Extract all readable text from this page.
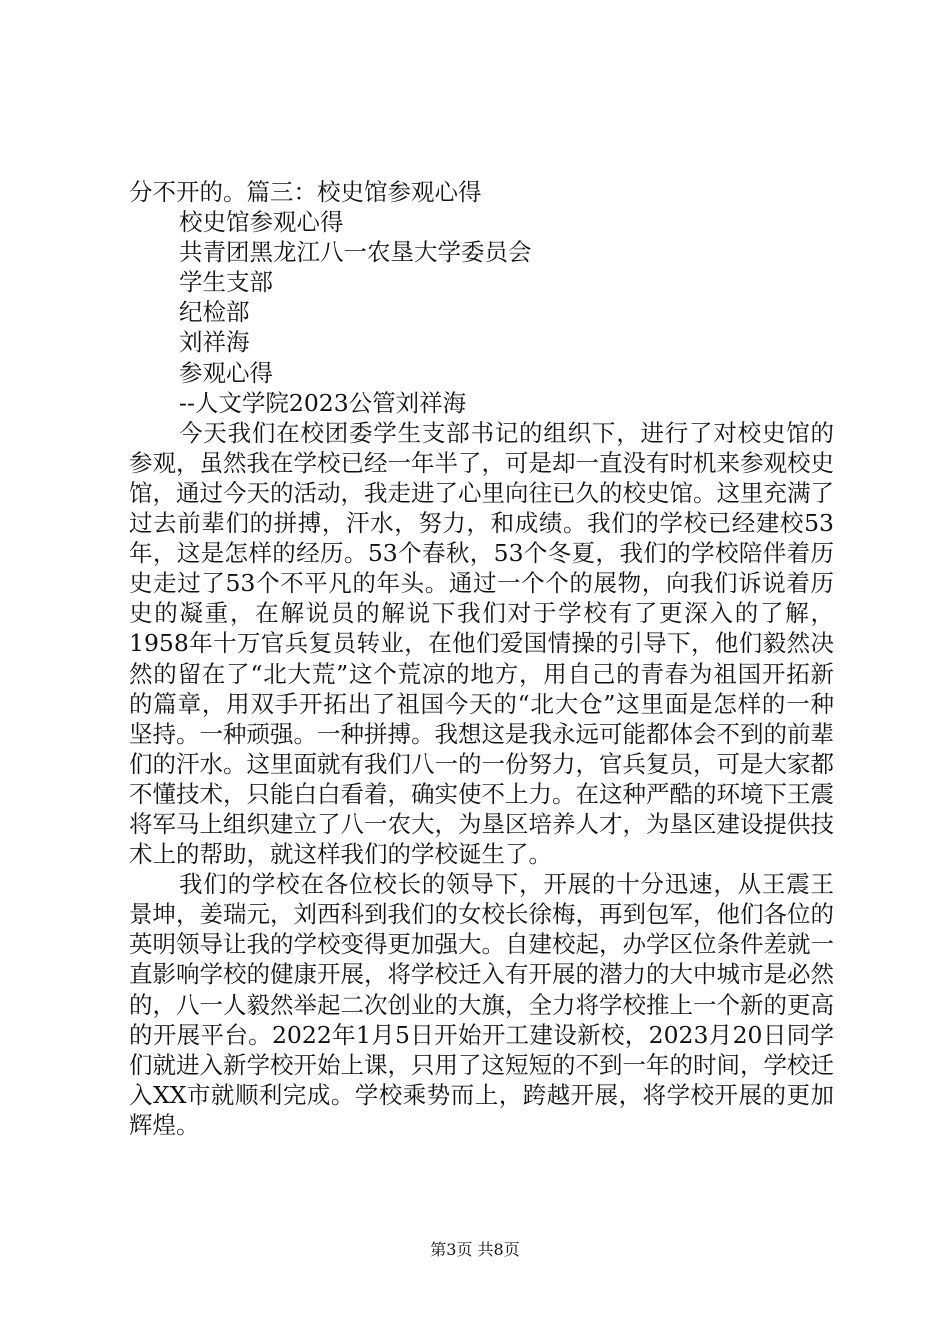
分不开的。篇三：校史馆参观心得
校史馆参观心得
共青团黑龙江八一农垦大学委员会
学生支部
纪检部
刘祥海
参观心得
--人文学院2023公管刘祥海
今天我们在校团委学生支部书记的组织下，进行了对校史馆的参观，虽然我在学校已经一年半了，可是却一直没有时机来参观校史馆，通过今天的活动，我走进了心里向往已久的校史馆。这里充满了过去前辈们的拼搏，汗水，努力，和成绩。我们的学校已经建校53年，这是怎样的经历。53个春秋，53个冬夏，我们的学校陪伴着历史走过了53个不平凡的年头。通过一个个的展物，向我们诉说着历史的凝重，在解说员的解说下我们对于学校有了更深入的了解，1958年十万官兵复员转业，在他们爱国情操的引导下，他们毅然决然的留在了“北大荒”这个荒凉的地方，用自己的青春为祖国开拓新的篇章，用双手开拓出了祖国今天的“北大仓”这里面是怎样的一种坚持。一种顽强。一种拼搏。我想这是我永远可能都体会不到的前辈们的汗水。这里面就有我们八一的一份努力，官兵复员，可是大家都不懂技术，只能白白看着，确实使不上力。在这种严酷的环境下王震将军马上组织建立了八一农大，为垦区培养人才，为垦区建设提供技术上的帮助，就这样我们的学校诞生了。
我们的学校在各位校长的领导下，开展的十分迅速，从王震王景坤，姜瑞元，刘西科到我们的女校长徐梅，再到包军，他们各位的英明领导让我的学校变得更加强大。自建校起，办学区位条件差就一直影响学校的健康开展，将学校迁入有开展的潜力的大中城市是必然的，八一人毅然举起二次创业的大旗，全力将学校推上一个新的更高的开展平台。2022年1月5日开始开工建设新校，2023月20日同学们就进入新学校开始上课，只用了这短短的不到一年的时间，学校迁入XX市就顺利完成。学校乘势而上，跨越开展，将学校开展的更加辉煌。
第3页 共8页
